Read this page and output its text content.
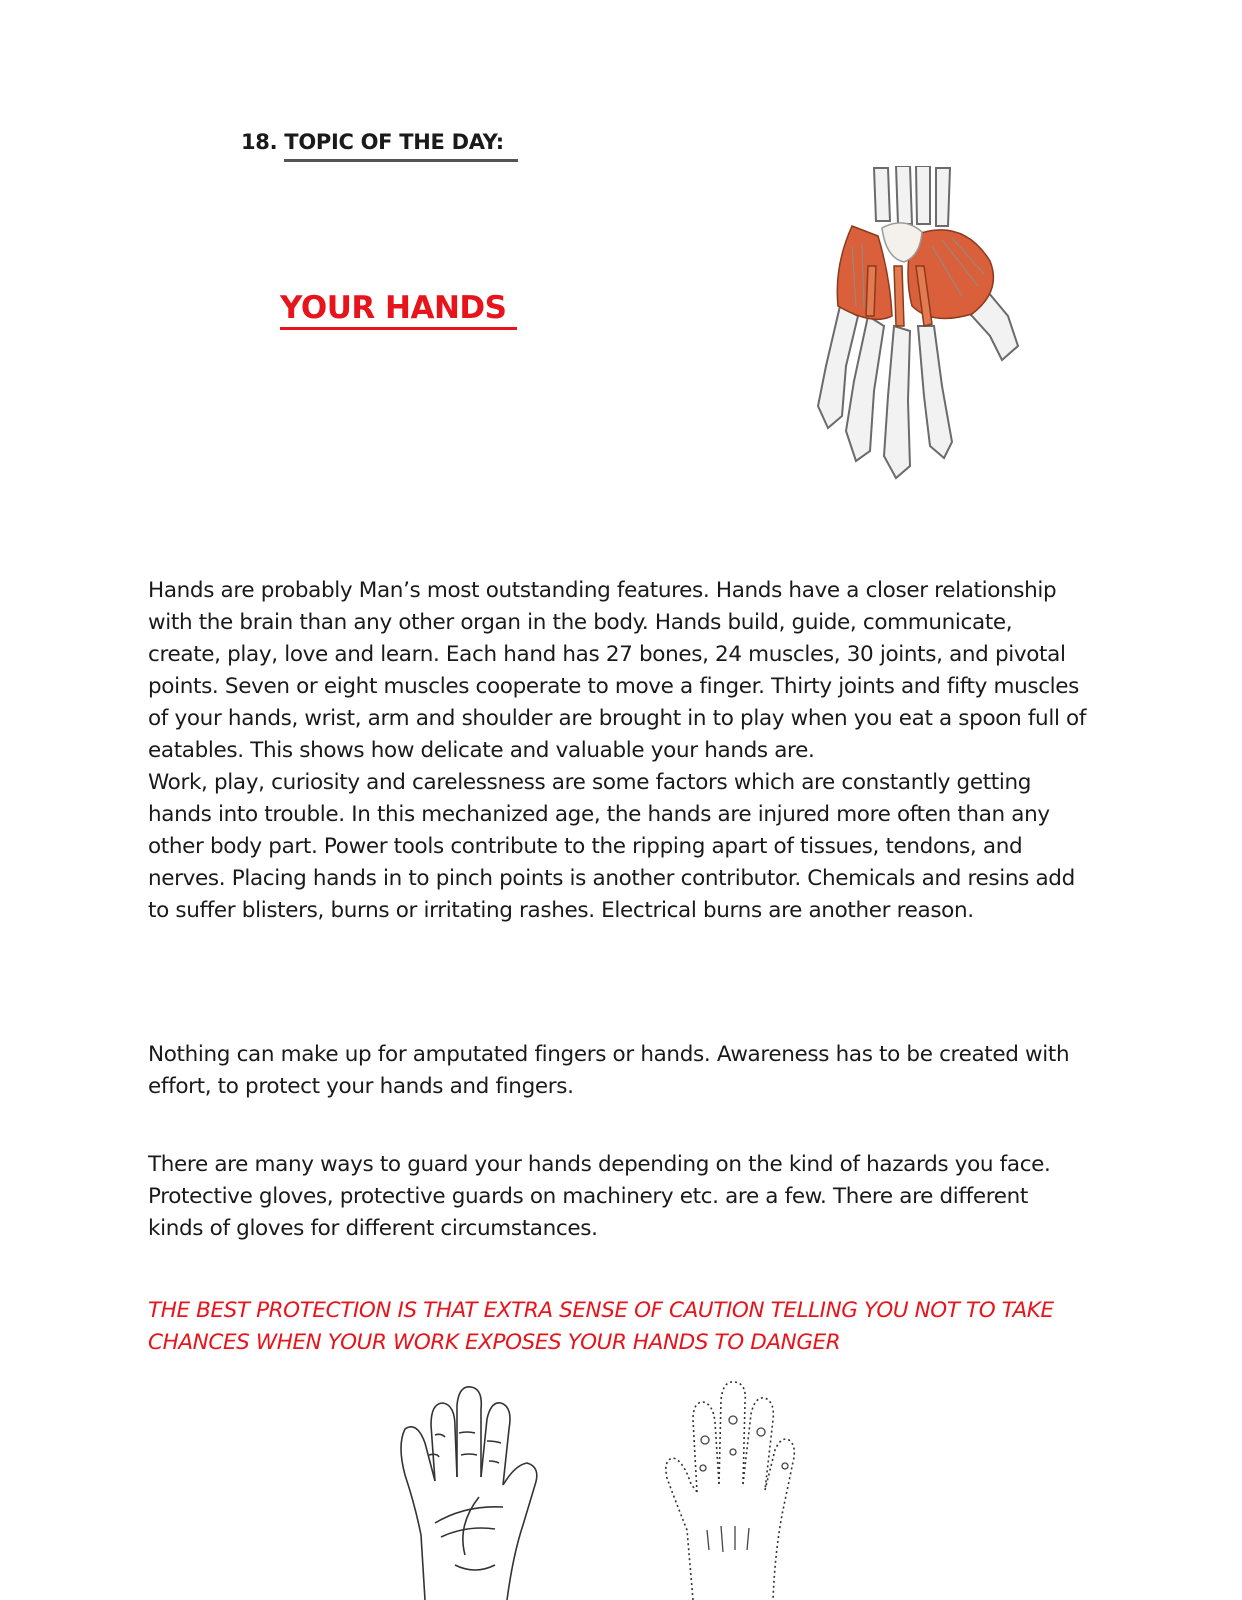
18. TOPIC OF THE DAY:
YOUR HANDS

Hands are probably Man’s most outstanding features. Hands have a closer relationship with the brain than any other organ in the body. Hands build, guide, communicate, create, play, love and learn. Each hand has 27 bones, 24 muscles, 30 joints, and pivotal points. Seven or eight muscles cooperate to move a finger. Thirty joints and fifty muscles of your hands, wrist, arm and shoulder are brought in to play when you eat a spoon full of eatables. This shows how delicate and valuable your hands are.

Work, play, curiosity and carelessness are some factors which are constantly getting hands into trouble. In this mechanized age, the hands are injured more often than any other body part. Power tools contribute to the ripping apart of tissues, tendons, and nerves. Placing hands in to pinch points is another contributor. Chemicals and resins add to suffer blisters, burns or irritating rashes. Electrical burns are another reason.

Nothing can make up for amputated fingers or hands. Awareness has to be created with effort, to protect your hands and fingers.

There are many ways to guard your hands depending on the kind of hazards you face. Protective gloves, protective guards on machinery etc. are a few. There are different kinds of gloves for different circumstances.

THE BEST PROTECTION IS THAT EXTRA SENSE OF CAUTION TELLING YOU NOT TO TAKE CHANCES WHEN YOUR WORK EXPOSES YOUR HANDS TO DANGER
